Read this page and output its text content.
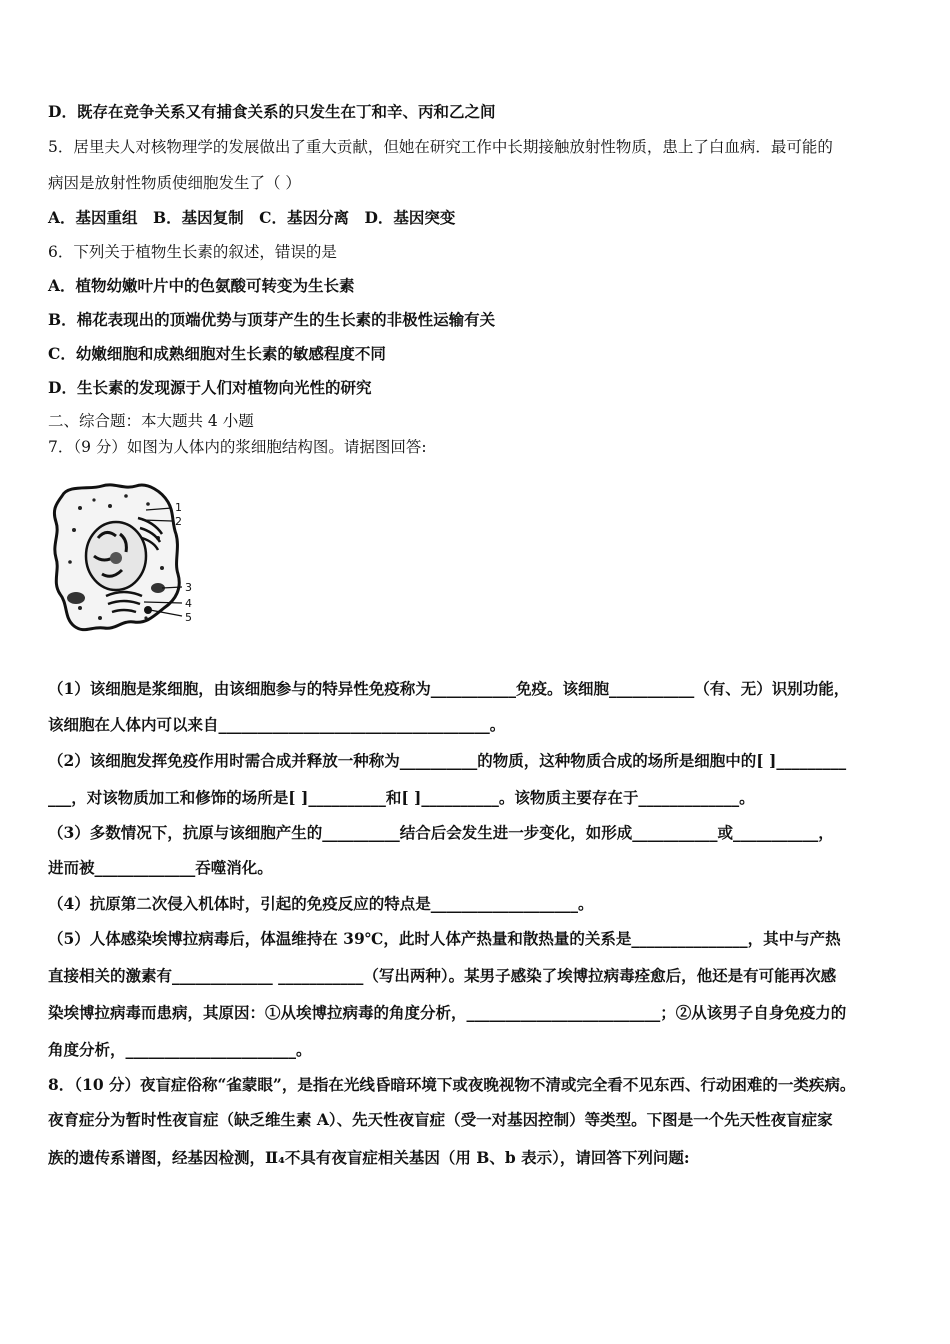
D．既存在竞争关系又有捕食关系的只发生在丁和辛、丙和乙之间
5．居里夫人对核物理学的发展做出了重大贡献，但她在研究工作中长期接触放射性物质，患上了白血病．最可能的
病因是放射性物质使细胞发生了（ ）
A．基因重组　B．基因复制　C．基因分离　D．基因突变
6．下列关于植物生长素的叙述，错误的是
A．植物幼嫩叶片中的色氨酸可转变为生长素
B．棉花表现出的顶端优势与顶芽产生的生长素的非极性运输有关
C．幼嫩细胞和成熟细胞对生长素的敏感程度不同
D．生长素的发现源于人们对植物向光性的研究
二、综合题：本大题共 4 小题
7．（9 分）如图为人体内的浆细胞结构图。请据图回答:
1
2
3
4
5
（1）该细胞是浆细胞，由该细胞参与的特异性免疫称为___________免疫。该细胞___________（有、无）识别功能，
该细胞在人体内可以来自___________________________________。
（2）该细胞发挥免疫作用时需合成并释放一种称为__________的物质，这种物质合成的场所是细胞中的[ ]_________
___，对该物质加工和修饰的场所是[ ]__________和[ ]__________。该物质主要存在于_____________。
（3）多数情况下，抗原与该细胞产生的__________结合后会发生进一步变化，如形成___________或___________，
进而被_____________吞噬消化。
（4）抗原第二次侵入机体时，引起的免疫反应的特点是___________________。
（5）人体感染埃博拉病毒后，体温维持在 39℃，此时人体产热量和散热量的关系是_______________，其中与产热
直接相关的激素有_____________ ___________（写出两种）。某男子感染了埃博拉病毒痊愈后，他还是有可能再次感
染埃博拉病毒而患病，其原因：①从埃博拉病毒的角度分析，_________________________；②从该男子自身免疫力的
角度分析，______________________。
8．（10 分）夜盲症俗称“雀蒙眼”，是指在光线昏暗环境下或夜晚视物不清或完全看不见东西、行动困难的一类疾病。
夜育症分为暂时性夜盲症（缺乏维生素 A）、先天性夜盲症（受一对基因控制）等类型。下图是一个先天性夜盲症家
族的遗传系谱图，经基因检测，Ⅱ₄不具有夜盲症相关基因（用 B、b 表示），请回答下列问题:
